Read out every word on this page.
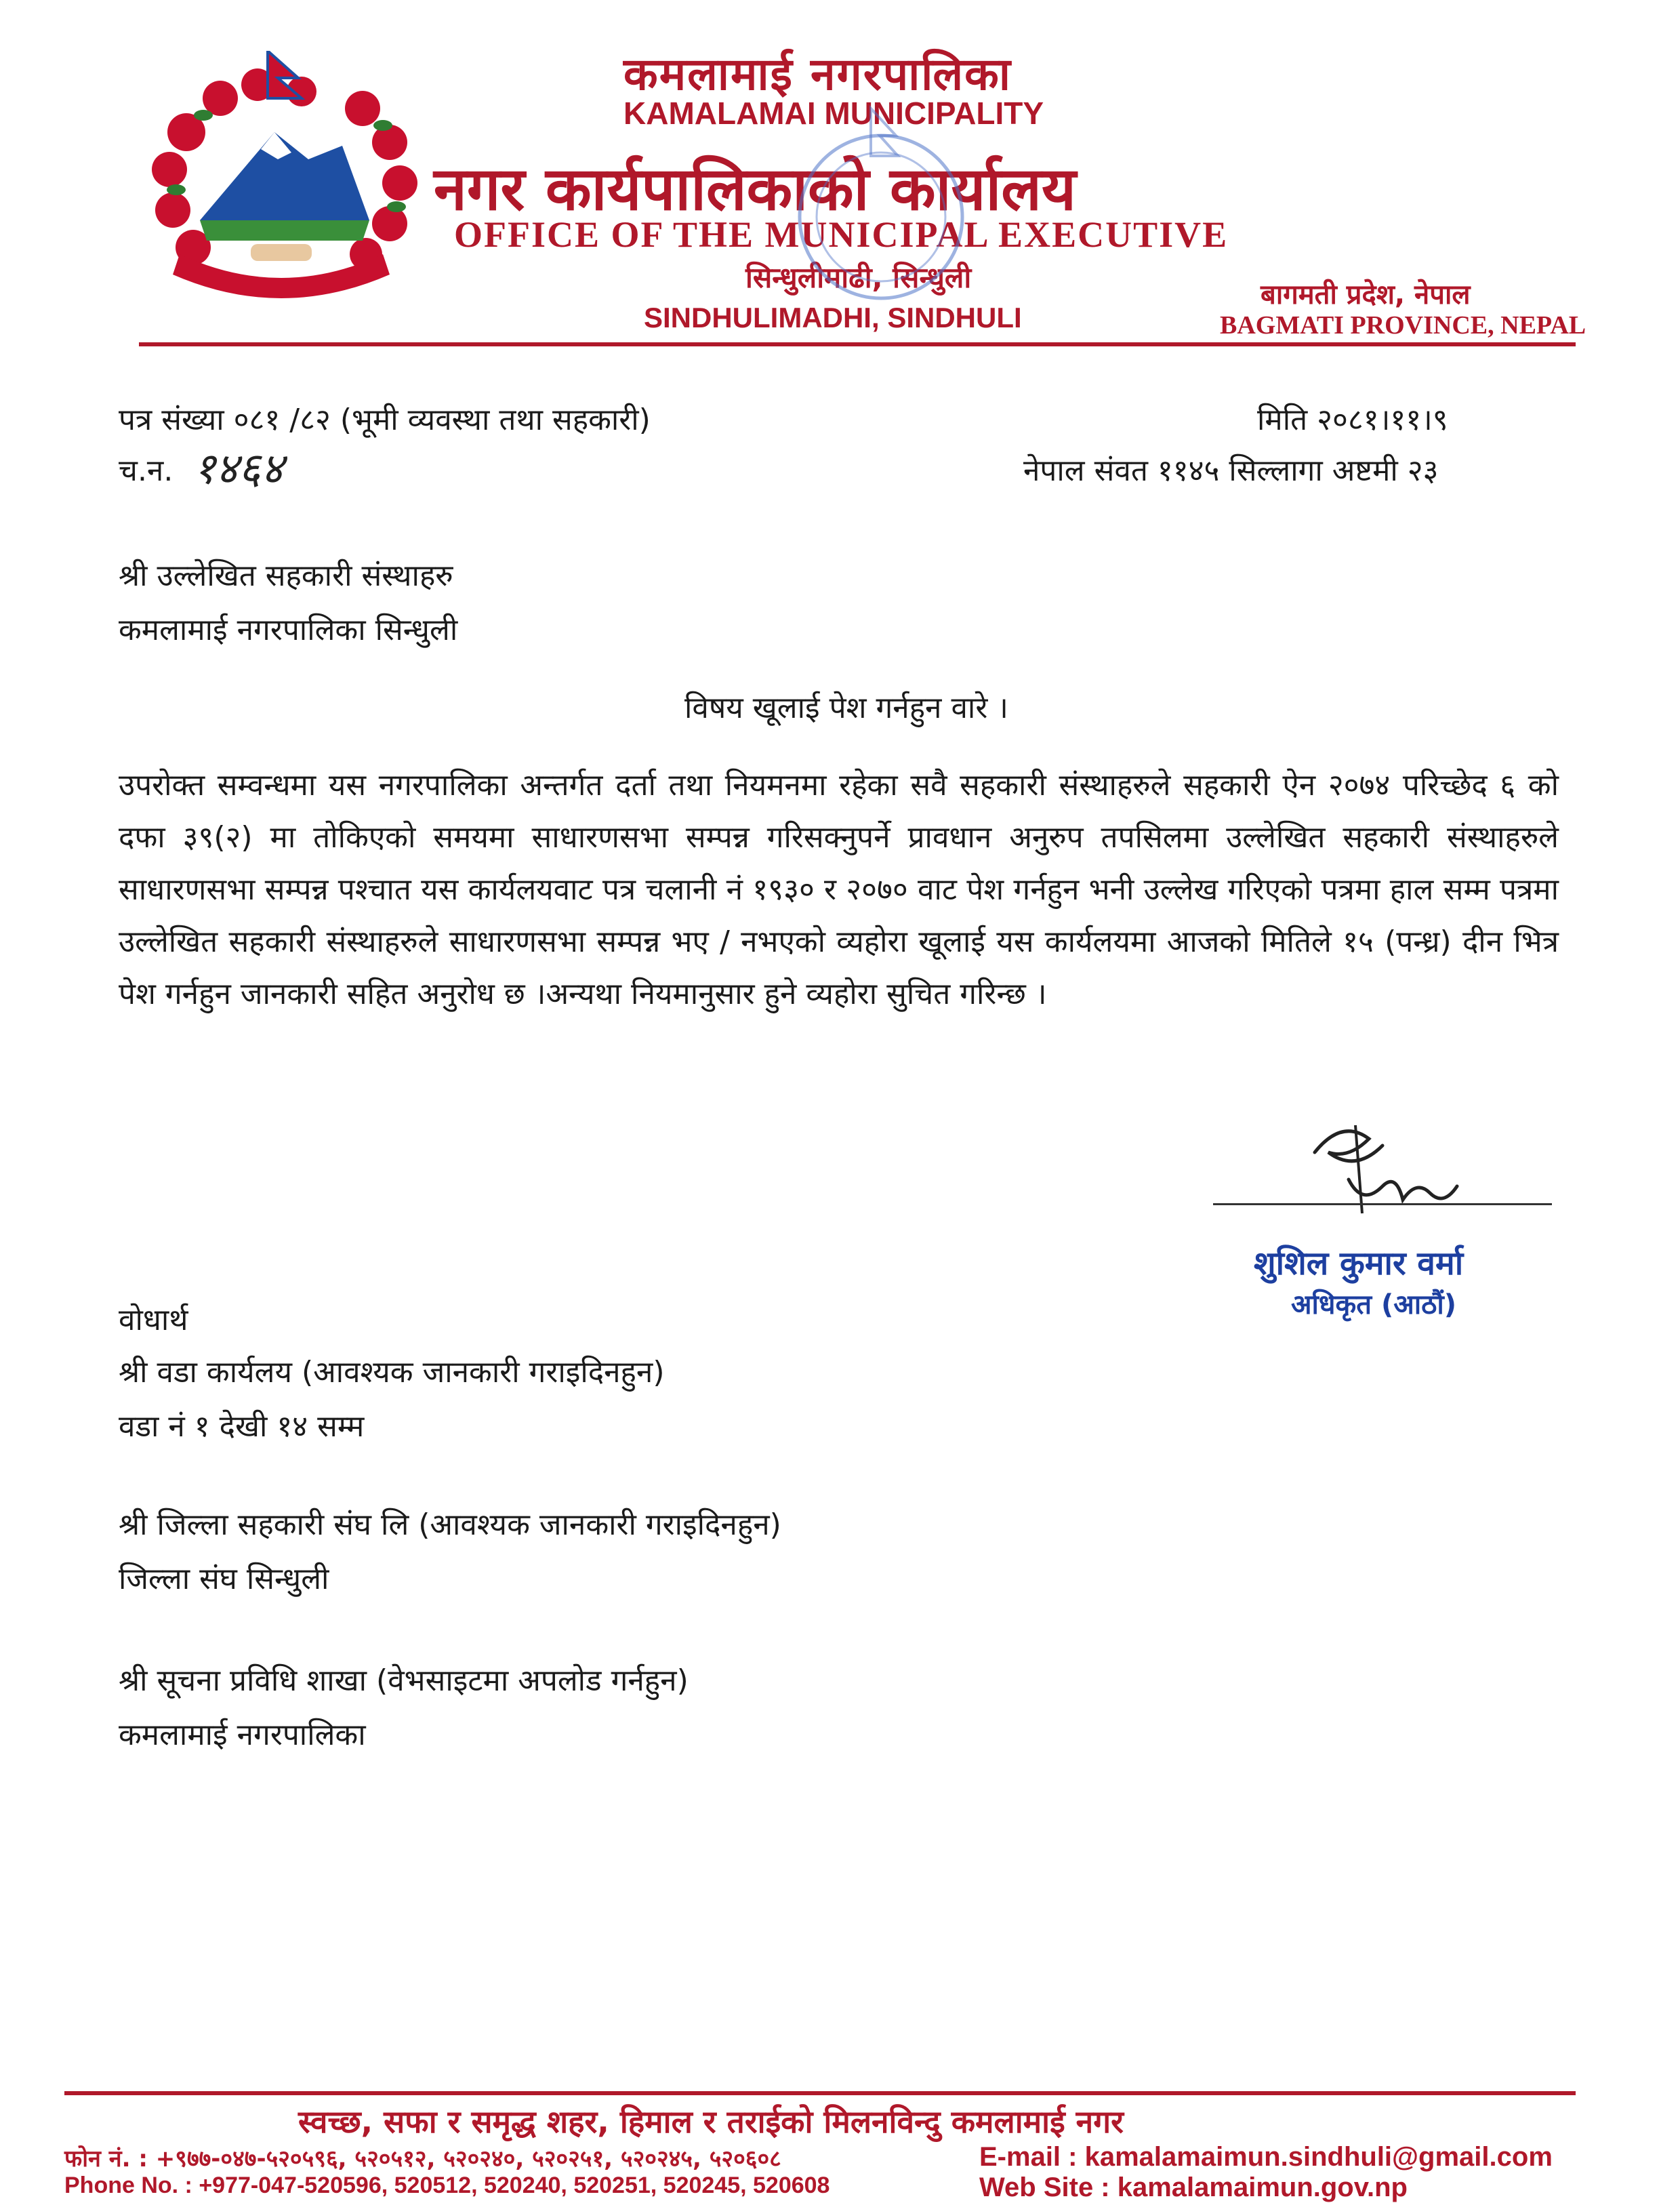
कमलामाई नगरपालिका
KAMALAMAI MUNICIPALITY
नगर कार्यपालिकाको कार्यालय
OFFICE OF THE MUNICIPAL EXECUTIVE
सिन्धुलीमाढी, सिन्धुली
SINDHULIMADHI, SINDHULI
बागमती प्रदेश, नेपाल
BAGMATI PROVINCE, NEPAL
पत्र संख्या ०८१ /८२ (भूमी व्यवस्था तथा सहकारी)
च.न. १४६४
मिति २०८१।११।९
नेपाल संवत ११४५ सिल्लागा अष्टमी २३
श्री उल्लेखित सहकारी संस्थाहरु
कमलामाई नगरपालिका सिन्धुली
विषय खूलाई पेश गर्नहुन वारे ।
उपरोक्त सम्वन्धमा यस नगरपालिका अन्तर्गत दर्ता तथा नियमनमा रहेका सवै सहकारी संस्थाहरुले सहकारी ऐन २०७४ परिच्छेद ६ को दफा ३९(२) मा तोकिएको समयमा साधारणसभा सम्पन्न गरिसक्नुपर्ने प्रावधान अनुरुप तपसिलमा उल्लेखित सहकारी संस्थाहरुले साधारणसभा सम्पन्न पश्चात यस कार्यलयवाट पत्र चलानी नं १९३० र २०७० वाट पेश गर्नहुन भनी उल्लेख गरिएको पत्रमा हाल सम्म पत्रमा उल्लेखित सहकारी संस्थाहरुले साधारणसभा सम्पन्न भए / नभएको व्यहोरा खूलाई यस कार्यलयमा आजको मितिले १५ (पन्ध्र) दीन भित्र पेश गर्नहुन जानकारी सहित अनुरोध छ ।अन्यथा नियमानुसार हुने व्यहोरा सुचित गरिन्छ ।
शुशिल कुमार वर्मा
अधिकृत (आठौं)
वोधार्थ
श्री वडा कार्यलय (आवश्यक जानकारी गराइदिनहुन)
वडा नं १ देखी १४ सम्म
श्री जिल्ला सहकारी संघ लि (आवश्यक जानकारी गराइदिनहुन)
जिल्ला संघ सिन्धुली
श्री सूचना प्रविधि शाखा (वेभसाइटमा अपलोड गर्नहुन)
कमलामाई नगरपालिका
स्वच्छ, सफा र समृद्ध शहर, हिमाल र तराईको मिलनविन्दु कमलामाई नगर
फोन नं. : +९७७-०४७-५२०५९६, ५२०५१२, ५२०२४०, ५२०२५१, ५२०२४५, ५२०६०८	E-mail : kamalamaimun.sindhuli@gmail.com
Phone No. : +977-047-520596, 520512, 520240, 520251, 520245, 520608	Web Site : kamalamaimun.gov.np
